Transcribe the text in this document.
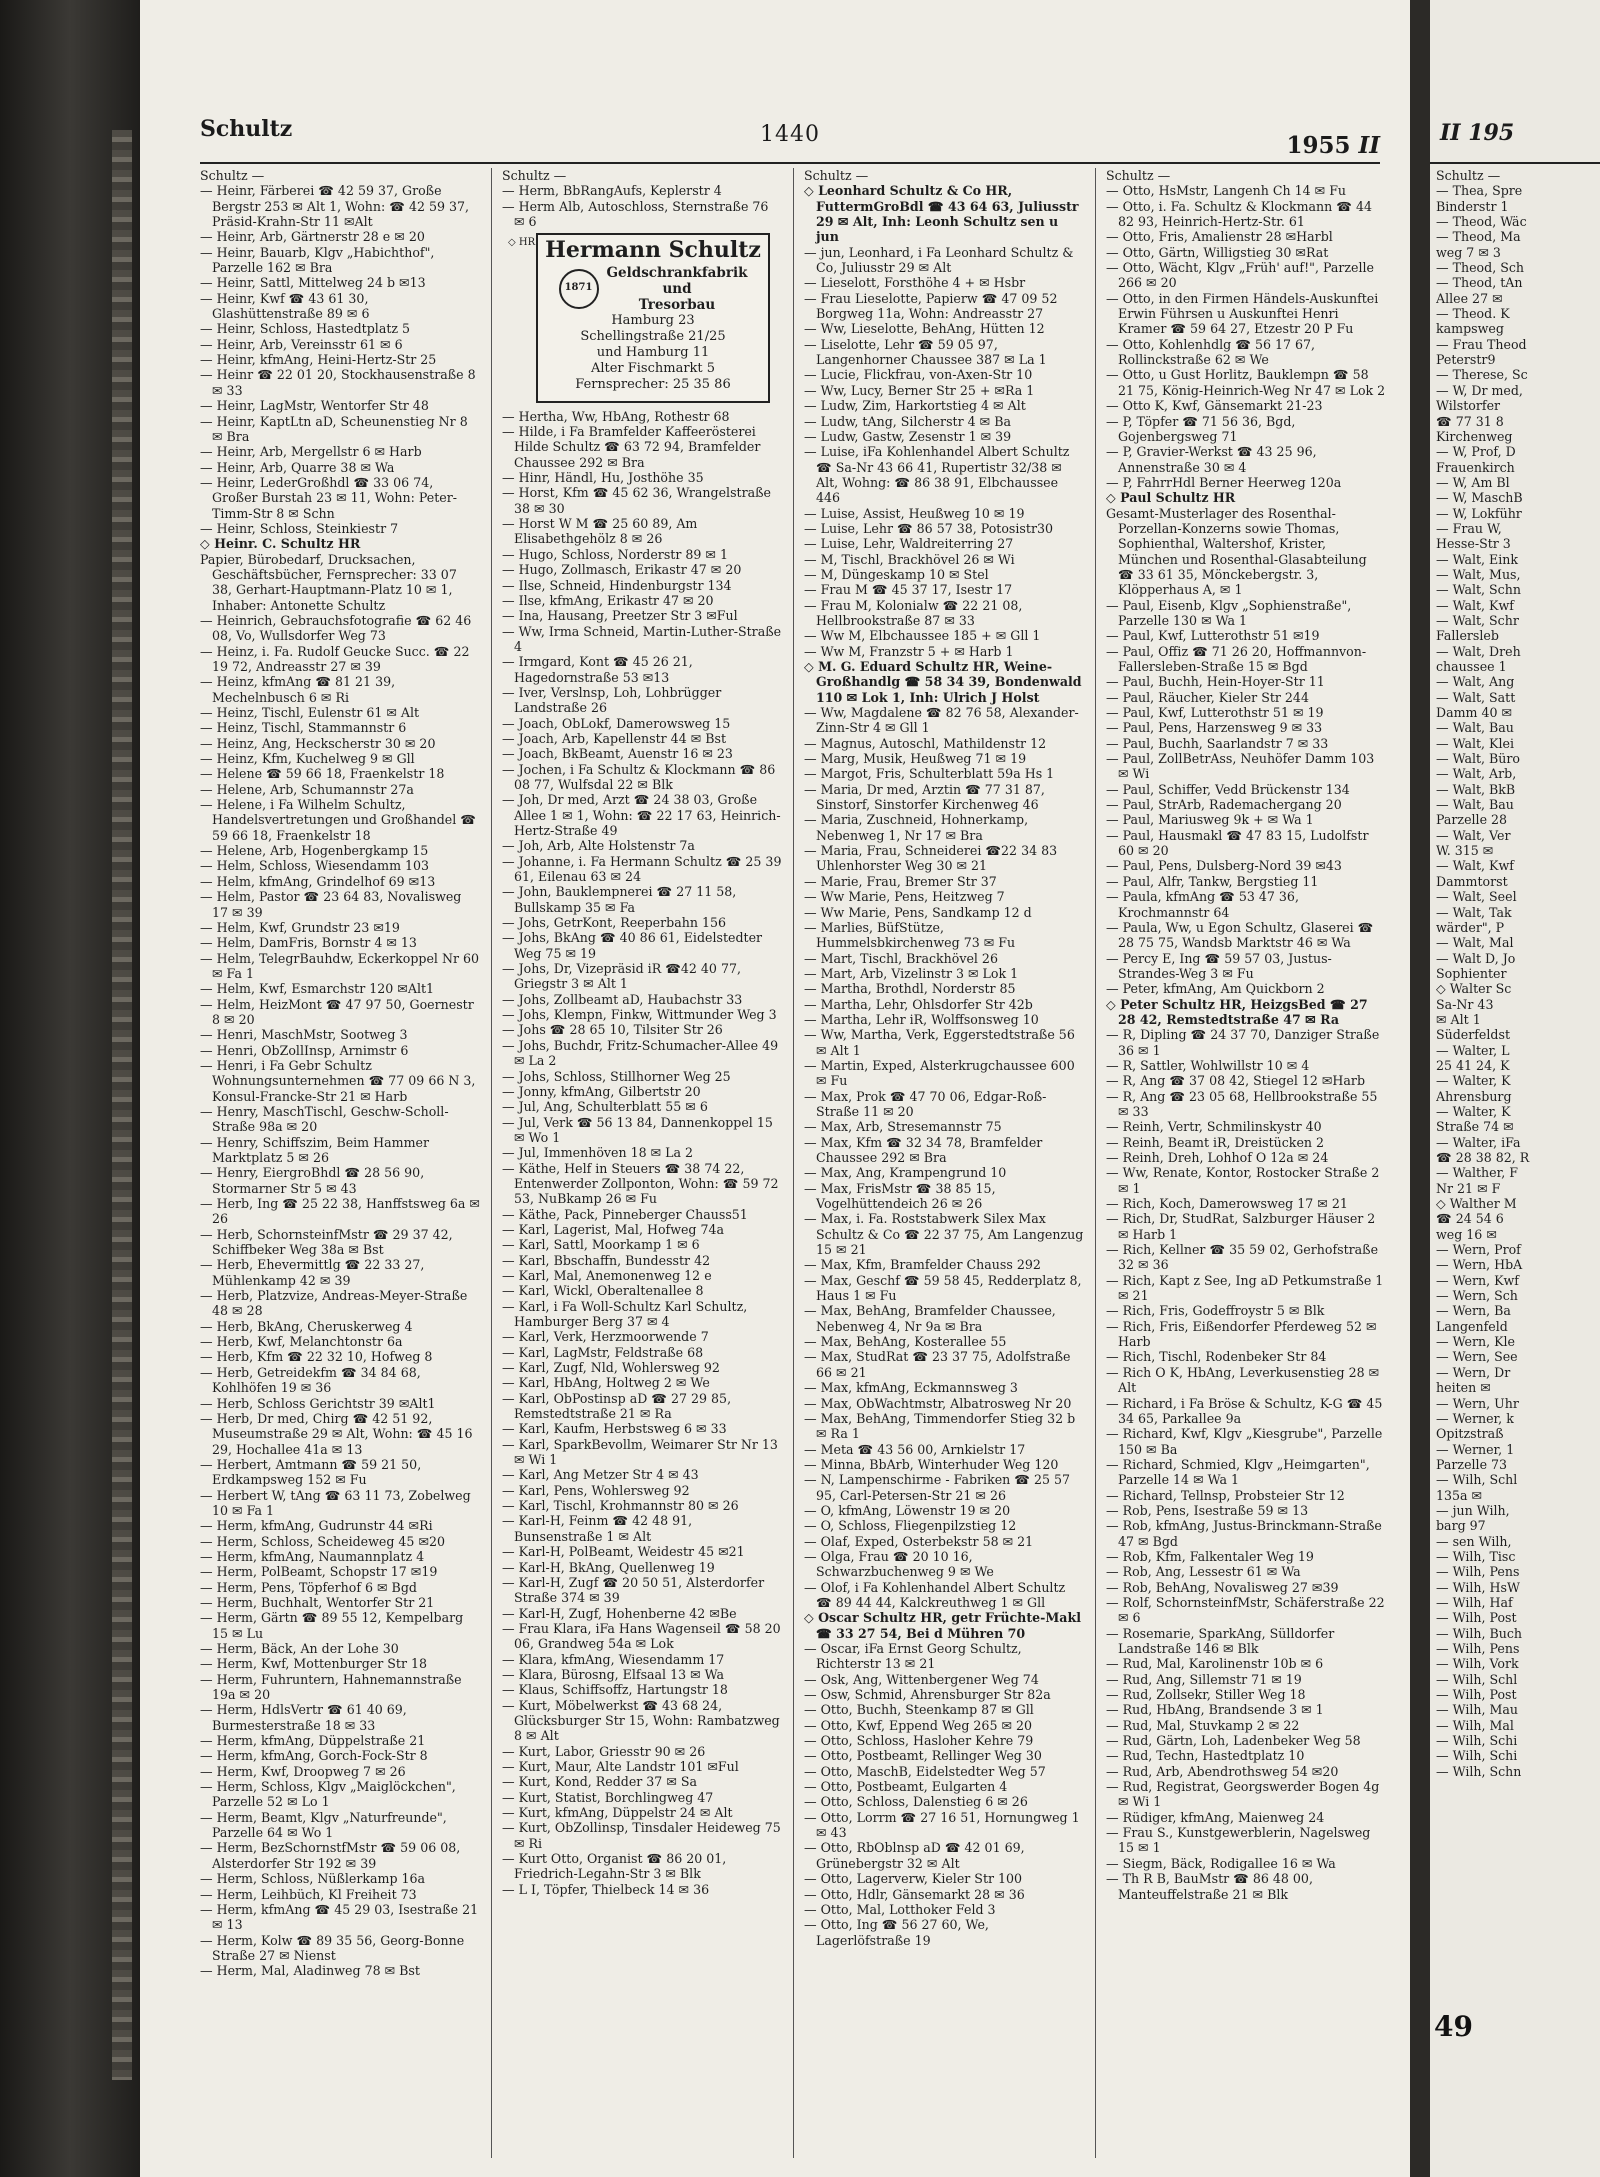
Schultz	1440	1955 II
Schultz —
— Heinr, Färberei ☎ 42 59 37, Große Bergstr 253 ✉ Alt 1, Wohn: ☎ 42 59 37, Präsid-Krahn-Str 11 ✉Alt
— Heinr, Arb, Gärtnerstr 28 e ✉ 20
— Heinr, Bauarb, Klgv „Habichthof", Parzelle 162 ✉ Bra
— Heinr, Sattl, Mittelweg 24 b ✉13
— Heinr, Kwf ☎ 43 61 30, Glashüttenstraße 89 ✉ 6
— Heinr, Schloss, Hastedtplatz 5
— Heinr, Arb, Vereinsstr 61 ✉ 6
— Heinr, kfmAng, Heini-Hertz-Str 25
— Heinr ☎ 22 01 20, Stockhausenstraße 8 ✉ 33
— Heinr, LagMstr, Wentorfer Str 48
— Heinr, KaptLtn aD, Scheunenstieg Nr 8 ✉ Bra
— Heinr, Arb, Mergellstr 6 ✉ Harb
— Heinr, Arb, Quarre 38 ✉ Wa
— Heinr, LederGroßhdl ☎ 33 06 74, Großer Burstah 23 ✉ 11, Wohn: Peter-Timm-Str 8 ✉ Schn
— Heinr, Schloss, Steinkiestr 7
◇ Heinr. C. Schultz HR
Papier, Bürobedarf, Drucksachen, Geschäftsbücher, Fernsprecher: 33 07 38, Gerhart-Hauptmann-Platz 10 ✉ 1, Inhaber: Antonette Schultz
— Heinrich, Gebrauchsfotografie ☎ 62 46 08, Vo, Wullsdorfer Weg 73
— Heinz, i. Fa. Rudolf Geucke Succ. ☎ 22 19 72, Andreasstr 27 ✉ 39
— Heinz, kfmAng ☎ 81 21 39, Mechelnbusch 6 ✉ Ri
— Heinz, Tischl, Eulenstr 61 ✉ Alt
— Heinz, Tischl, Stammannstr 6
— Heinz, Ang, Heckscherstr 30 ✉ 20
— Heinz, Kfm, Kuchelweg 9 ✉ Gll
— Helene ☎ 59 66 18, Fraenkelstr 18
— Helene, Arb, Schumannstr 27a
— Helene, i Fa Wilhelm Schultz, Handelsvertretungen und Großhandel ☎ 59 66 18, Fraenkelstr 18
— Helene, Arb, Hogenbergkamp 15
— Helm, Schloss, Wiesendamm 103
— Helm, kfmAng, Grindelhof 69 ✉13
— Helm, Pastor ☎ 23 64 83, Novalisweg 17 ✉ 39
— Helm, Kwf, Grundstr 23 ✉19
— Helm, DamFris, Bornstr 4 ✉ 13
— Helm, TelegrBauhdw, Eckerkoppel Nr 60 ✉ Fa 1
— Helm, Kwf, Esmarchstr 120 ✉Alt1
— Helm, HeizMont ☎ 47 97 50, Goernestr 8 ✉ 20
— Henri, MaschMstr, Sootweg 3
— Henri, ObZollInsp, Arnimstr 6
— Henri, i Fa Gebr Schultz Wohnungsunternehmen ☎ 77 09 66 N 3, Konsul-Francke-Str 21 ✉ Harb
— Henry, MaschTischl, Geschw-Scholl-Straße 98a ✉ 20
— Henry, Schiffszim, Beim Hammer Marktplatz 5 ✉ 26
— Henry, EiergroBhdl ☎ 28 56 90, Stormarner Str 5 ✉ 43
— Herb, Ing ☎ 25 22 38, Hanffstsweg 6a ✉ 26
— Herb, SchornsteinfMstr ☎ 29 37 42, Schiffbeker Weg 38a ✉ Bst
— Herb, Ehevermittlg ☎ 22 33 27, Mühlenkamp 42 ✉ 39
— Herb, Platzvize, Andreas-Meyer-Straße 48 ✉ 28
— Herb, BkAng, Cheruskerweg 4
— Herb, Kwf, Melanchtonstr 6a
— Herb, Kfm ☎ 22 32 10, Hofweg 8
— Herb, Getreidekfm ☎ 34 84 68, Kohlhöfen 19 ✉ 36
— Herb, Schloss Gerichtstr 39 ✉Alt1
— Herb, Dr med, Chirg ☎ 42 51 92, Museumstraße 29 ✉ Alt, Wohn: ☎ 45 16 29, Hochallee 41a ✉ 13
— Herbert, Amtmann ☎ 59 21 50, Erdkampsweg 152 ✉ Fu
— Herbert W, tAng ☎ 63 11 73, Zobelweg 10 ✉ Fa 1
— Herm, kfmAng, Gudrunstr 44 ✉Ri
— Herm, Schloss, Scheideweg 45 ✉20
— Herm, kfmAng, Naumannplatz 4
— Herm, PolBeamt, Schopstr 17 ✉19
— Herm, Pens, Töpferhof 6 ✉ Bgd
— Herm, Buchhalt, Wentorfer Str 21
— Herm, Gärtn ☎ 89 55 12, Kempelbarg 15 ✉ Lu
— Herm, Bäck, An der Lohe 30
— Herm, Kwf, Mottenburger Str 18
— Herm, Fuhruntern, Hahnemannstraße 19a ✉ 20
— Herm, HdlsVertr ☎ 61 40 69, Burmesterstraße 18 ✉ 33
— Herm, kfmAng, Düppelstraße 21
— Herm, kfmAng, Gorch-Fock-Str 8
— Herm, Kwf, Droopweg 7 ✉ 26
— Herm, Schloss, Klgv „Maiglöckchen", Parzelle 52 ✉ Lo 1
— Herm, Beamt, Klgv „Naturfreunde", Parzelle 64 ✉ Wo 1
— Herm, BezSchornstfMstr ☎ 59 06 08, Alsterdorfer Str 192 ✉ 39
— Herm, Schloss, Nüßlerkamp 16a
— Herm, Leihbüch, Kl Freiheit 73
— Herm, kfmAng ☎ 45 29 03, Isestraße 21 ✉ 13
— Herm, Kolw ☎ 89 35 56, Georg-Bonne Straße 27 ✉ Nienst
— Herm, Mal, Aladinweg 78 ✉ Bst
Schultz —
— Herm, BbRangAufs, Keplerstr 4
— Herm Alb, Autoschloss, Sternstraße 76 ✉ 6
◇ HR Hermann Schultz
1871
Geldschrankfabrik
und
Tresorbau
Hamburg 23
Schellingstraße 21/25
und Hamburg 11
Alter Fischmarkt 5
Fernsprecher: 25 35 86
— Hertha, Ww, HbAng, Rothestr 68
— Hilde, i Fa Bramfelder Kaffeerösterei Hilde Schultz ☎ 63 72 94, Bramfelder Chaussee 292 ✉ Bra
— Hinr, Händl, Hu, Josthöhe 35
— Horst, Kfm ☎ 45 62 36, Wrangelstraße 38 ✉ 30
— Horst W M ☎ 25 60 89, Am Elisabethgehölz 8 ✉ 26
— Hugo, Schloss, Norderstr 89 ✉ 1
— Hugo, Zollmasch, Erikastr 47 ✉ 20
— Ilse, Schneid, Hindenburgstr 134
— Ilse, kfmAng, Erikastr 47 ✉ 20
— Ina, Hausang, Preetzer Str 3 ✉Ful
— Ww, Irma Schneid, Martin-Luther-Straße 4
— Irmgard, Kont ☎ 45 26 21, Hagedornstraße 53 ✉13
— Iver, Verslnsp, Loh, Lohbrügger Landstraße 26
— Joach, ObLokf, Damerowsweg 15
— Joach, Arb, Kapellenstr 44 ✉ Bst
— Joach, BkBeamt, Auenstr 16 ✉ 23
— Jochen, i Fa Schultz & Klockmann ☎ 86 08 77, Wulfsdal 22 ✉ Blk
— Joh, Dr med, Arzt ☎ 24 38 03, Große Allee 1 ✉ 1, Wohn: ☎ 22 17 63, Heinrich-Hertz-Straße 49
— Joh, Arb, Alte Holstenstr 7a
— Johanne, i. Fa Hermann Schultz ☎ 25 39 61, Eilenau 63 ✉ 24
— John, Bauklempnerei ☎ 27 11 58, Bullskamp 35 ✉ Fa
— Johs, GetrKont, Reeperbahn 156
— Johs, BkAng ☎ 40 86 61, Eidelstedter Weg 75 ✉ 19
— Johs, Dr, Vizepräsid iR ☎42 40 77, Griegstr 3 ✉ Alt 1
— Johs, Zollbeamt aD, Haubachstr 33
— Johs, Klempn, Finkw, Wittmunder Weg 3
— Johs ☎ 28 65 10, Tilsiter Str 26
— Johs, Buchdr, Fritz-Schumacher-Allee 49 ✉ La 2
— Johs, Schloss, Stillhorner Weg 25
— Jonny, kfmAng, Gilbertstr 20
— Jul, Ang, Schulterblatt 55 ✉ 6
— Jul, Verk ☎ 56 13 84, Dannenkoppel 15 ✉ Wo 1
— Jul, Immenhöven 18 ✉ La 2
— Käthe, Helf in Steuers ☎ 38 74 22, Entenwerder Zollponton, Wohn: ☎ 59 72 53, NuBkamp 26 ✉ Fu
— Käthe, Pack, Pinneberger Chauss51
— Karl, Lagerist, Mal, Hofweg 74a
— Karl, Sattl, Moorkamp 1 ✉ 6
— Karl, Bbschaffn, Bundesstr 42
— Karl, Mal, Anemonenweg 12 e
— Karl, Wickl, Oberaltenallee 8
— Karl, i Fa Woll-Schultz Karl Schultz, Hamburger Berg 37 ✉ 4
— Karl, Verk, Herzmoorwende 7
— Karl, LagMstr, Feldstraße 68
— Karl, Zugf, Nld, Wohlersweg 92
— Karl, HbAng, Holtweg 2 ✉ We
— Karl, ObPostinsp aD ☎ 27 29 85, Remstedtstraße 21 ✉ Ra
— Karl, Kaufm, Herbstsweg 6 ✉ 33
— Karl, SparkBevollm, Weimarer Str Nr 13 ✉ Wi 1
— Karl, Ang Metzer Str 4 ✉ 43
— Karl, Pens, Wohlersweg 92
— Karl, Tischl, Krohmannstr 80 ✉ 26
— Karl-H, Feinm ☎ 42 48 91, Bunsenstraße 1 ✉ Alt
— Karl-H, PolBeamt, Weidestr 45 ✉21
— Karl-H, BkAng, Quellenweg 19
— Karl-H, Zugf ☎ 20 50 51, Alsterdorfer Straße 374 ✉ 39
— Karl-H, Zugf, Hohenberne 42 ✉Be
— Frau Klara, iFa Hans Wagenseil ☎ 58 20 06, Grandweg 54a ✉ Lok
— Klara, kfmAng, Wiesendamm 17
— Klara, Bürosng, Elfsaal 13 ✉ Wa
— Klaus, Schiffsoffz, Hartungstr 18
— Kurt, Möbelwerkst ☎ 43 68 24, Glücksburger Str 15, Wohn: Rambatzweg 8 ✉ Alt
— Kurt, Labor, Griesstr 90 ✉ 26
— Kurt, Maur, Alte Landstr 101 ✉Ful
— Kurt, Kond, Redder 37 ✉ Sa
— Kurt, Statist, Borchlingweg 47
— Kurt, kfmAng, Düppelstr 24 ✉ Alt
— Kurt, ObZollinsp, Tinsdaler Heideweg 75 ✉ Ri
— Kurt Otto, Organist ☎ 86 20 01, Friedrich-Legahn-Str 3 ✉ Blk
— L I, Töpfer, Thielbeck 14 ✉ 36
Schultz —
◇ Leonhard Schultz & Co HR, FuttermGroBdl ☎ 43 64 63, Juliusstr 29 ✉ Alt, Inh: Leonh Schultz sen u jun
— jun, Leonhard, i Fa Leonhard Schultz & Co, Juliusstr 29 ✉ Alt
— Lieselott, Forsthöhe 4 + ✉ Hsbr
— Frau Lieselotte, Papierw ☎ 47 09 52 Borgweg 11a, Wohn: Andreasstr 27
— Ww, Lieselotte, BehAng, Hütten 12
— Liselotte, Lehr ☎ 59 05 97, Langenhorner Chaussee 387 ✉ La 1
— Lucie, Flickfrau, von-Axen-Str 10
— Ww, Lucy, Berner Str 25 + ✉Ra 1
— Ludw, Zim, Harkortstieg 4 ✉ Alt
— Ludw, tAng, Silcherstr 4 ✉ Ba
— Ludw, Gastw, Zesenstr 1 ✉ 39
— Luise, iFa Kohlenhandel Albert Schultz ☎ Sa-Nr 43 66 41, Rupertistr 32/38 ✉ Alt, Wohng: ☎ 86 38 91, Elbchaussee 446
— Luise, Assist, Heußweg 10 ✉ 19
— Luise, Lehr ☎ 86 57 38, Potosistr30
— Luise, Lehr, Waldreiterring 27
— M, Tischl, Brackhövel 26 ✉ Wi
— M, Düngeskamp 10 ✉ Stel
— Frau M ☎ 45 37 17, Isestr 17
— Frau M, Kolonialw ☎ 22 21 08, Hellbrookstraße 87 ✉ 33
— Ww M, Elbchaussee 185 + ✉ Gll 1
— Ww M, Franzstr 5 + ✉ Harb 1
◇ M. G. Eduard Schultz HR, Weine-Großhandlg ☎ 58 34 39, Bondenwald 110 ✉ Lok 1, Inh: Ulrich J Holst
— Ww, Magdalene ☎ 82 76 58, Alexander-Zinn-Str 4 ✉ Gll 1
— Magnus, Autoschl, Mathildenstr 12
— Marg, Musik, Heußweg 71 ✉ 19
— Margot, Fris, Schulterblatt 59a Hs 1
— Maria, Dr med, Arztin ☎ 77 31 87, Sinstorf, Sinstorfer Kirchenweg 46
— Maria, Zuschneid, Hohnerkamp, Nebenweg 1, Nr 17 ✉ Bra
— Maria, Frau, Schneiderei ☎22 34 83 Uhlenhorster Weg 30 ✉ 21
— Marie, Frau, Bremer Str 37
— Ww Marie, Pens, Heitzweg 7
— Ww Marie, Pens, Sandkamp 12 d
— Marlies, BüfStütze, Hummelsbkirchenweg 73 ✉ Fu
— Mart, Tischl, Brackhövel 26
— Mart, Arb, Vizelinstr 3 ✉ Lok 1
— Martha, Brothdl, Norderstr 85
— Martha, Lehr, Ohlsdorfer Str 42b
— Martha, Lehr iR, Wolffsonsweg 10
— Ww, Martha, Verk, Eggerstedtstraße 56 ✉ Alt 1
— Martin, Exped, Alsterkrugchaussee 600 ✉ Fu
— Max, Prok ☎ 47 70 06, Edgar-Roß-Straße 11 ✉ 20
— Max, Arb, Stresemannstr 75
— Max, Kfm ☎ 32 34 78, Bramfelder Chaussee 292 ✉ Bra
— Max, Ang, Krampengrund 10
— Max, FrisMstr ☎ 38 85 15, Vogelhüttendeich 26 ✉ 26
— Max, i. Fa. Roststabwerk Silex Max Schultz & Co ☎ 22 37 75, Am Langenzug 15 ✉ 21
— Max, Kfm, Bramfelder Chauss 292
— Max, Geschf ☎ 59 58 45, Redderplatz 8, Haus 1 ✉ Fu
— Max, BehAng, Bramfelder Chaussee, Nebenweg 4, Nr 9a ✉ Bra
— Max, BehAng, Kosterallee 55
— Max, StudRat ☎ 23 37 75, Adolfstraße 66 ✉ 21
— Max, kfmAng, Eckmannsweg 3
— Max, ObWachtmstr, Albatrosweg Nr 20
— Max, BehAng, Timmendorfer Stieg 32 b ✉ Ra 1
— Meta ☎ 43 56 00, Arnkielstr 17
— Minna, BbArb, Winterhuder Weg 120
— N, Lampenschirme - Fabriken ☎ 25 57 95, Carl-Petersen-Str 21 ✉ 26
— O, kfmAng, Löwenstr 19 ✉ 20
— O, Schloss, Fliegenpilzstieg 12
— Olaf, Exped, Osterbekstr 58 ✉ 21
— Olga, Frau ☎ 20 10 16, Schwarzbuchenweg 9 ✉ We
— Olof, i Fa Kohlenhandel Albert Schultz ☎ 89 44 44, Kalckreuthweg 1 ✉ Gll
◇ Oscar Schultz HR, getr Früchte-Makl ☎ 33 27 54, Bei d Mühren 70
— Oscar, iFa Ernst Georg Schultz, Richterstr 13 ✉ 21
— Osk, Ang, Wittenbergener Weg 74
— Osw, Schmid, Ahrensburger Str 82a
— Otto, Buchh, Steenkamp 87 ✉ Gll
— Otto, Kwf, Eppend Weg 265 ✉ 20
— Otto, Schloss, Hasloher Kehre 79
— Otto, Postbeamt, Rellinger Weg 30
— Otto, MaschB, Eidelstedter Weg 57
— Otto, Postbeamt, Eulgarten 4
— Otto, Schloss, Dalenstieg 6 ✉ 26
— Otto, Lorrm ☎ 27 16 51, Hornungweg 1 ✉ 43
— Otto, RbOblnsp aD ☎ 42 01 69, Grünebergstr 32 ✉ Alt
— Otto, Lagerverw, Kieler Str 100
— Otto, Hdlr, Gänsemarkt 28 ✉ 36
— Otto, Mal, Lotthoker Feld 3
— Otto, Ing ☎ 56 27 60, We, Lagerlöfstraße 19
Schultz —
— Otto, HsMstr, Langenh Ch 14 ✉ Fu
— Otto, i. Fa. Schultz & Klockmann ☎ 44 82 93, Heinrich-Hertz-Str. 61
— Otto, Fris, Amalienstr 28 ✉Harbl
— Otto, Gärtn, Willigstieg 30 ✉Rat
— Otto, Wächt, Klgv „Früh' auf!", Parzelle 266 ✉ 20
— Otto, in den Firmen Händels-Auskunftei Erwin Führsen u Auskunftei Henri Kramer ☎ 59 64 27, Etzestr 20 P Fu
— Otto, Kohlenhdlg ☎ 56 17 67, Rollinckstraße 62 ✉ We
— Otto, u Gust Horlitz, Bauklempn ☎ 58 21 75, König-Heinrich-Weg Nr 47 ✉ Lok 2
— Otto K, Kwf, Gänsemarkt 21-23
— P, Töpfer ☎ 71 56 36, Bgd, Gojenbergsweg 71
— P, Gravier-Werkst ☎ 43 25 96, Annenstraße 30 ✉ 4
— P, FahrrHdl Berner Heerweg 120a
◇ Paul Schultz HR
Gesamt-Musterlager des Rosenthal-Porzellan-Konzerns sowie Thomas, Sophienthal, Waltershof, Krister, München und Rosenthal-Glasabteilung ☎ 33 61 35, Mönckebergstr. 3, Klöpperhaus A, ✉ 1
— Paul, Eisenb, Klgv „Sophienstraße", Parzelle 130 ✉ Wa 1
— Paul, Kwf, Lutterothstr 51 ✉19
— Paul, Offiz ☎ 71 26 20, Hoffmannvon-Fallersleben-Straße 15 ✉ Bgd
— Paul, Buchh, Hein-Hoyer-Str 11
— Paul, Räucher, Kieler Str 244
— Paul, Kwf, Lutterothstr 51 ✉ 19
— Paul, Pens, Harzensweg 9 ✉ 33
— Paul, Buchh, Saarlandstr 7 ✉ 33
— Paul, ZollBetrAss, Neuhöfer Damm 103 ✉ Wi
— Paul, Schiffer, Vedd Brückenstr 134
— Paul, StrArb, Rademachergang 20
— Paul, Mariusweg 9k + ✉ Wa 1
— Paul, Hausmakl ☎ 47 83 15, Ludolfstr 60 ✉ 20
— Paul, Pens, Dulsberg-Nord 39 ✉43
— Paul, Alfr, Tankw, Bergstieg 11
— Paula, kfmAng ☎ 53 47 36, Krochmannstr 64
— Paula, Ww, u Egon Schultz, Glaserei ☎ 28 75 75, Wandsb Marktstr 46 ✉ Wa
— Percy E, Ing ☎ 59 57 03, Justus-Strandes-Weg 3 ✉ Fu
— Peter, kfmAng, Am Quickborn 2
◇ Peter Schultz HR, HeizgsBed ☎ 27 28 42, Remstedtstraße 47 ✉ Ra
— R, Dipling ☎ 24 37 70, Danziger Straße 36 ✉ 1
— R, Sattler, Wohlwillstr 10 ✉ 4
— R, Ang ☎ 37 08 42, Stiegel 12 ✉Harb
— R, Ang ☎ 23 05 68, Hellbrookstraße 55 ✉ 33
— Reinh, Vertr, Schmilinskystr 40
— Reinh, Beamt iR, Dreistücken 2
— Reinh, Dreh, Lohhof O 12a ✉ 24
— Ww, Renate, Kontor, Rostocker Straße 2 ✉ 1
— Rich, Koch, Damerowsweg 17 ✉ 21
— Rich, Dr, StudRat, Salzburger Häuser 2 ✉ Harb 1
— Rich, Kellner ☎ 35 59 02, Gerhofstraße 32 ✉ 36
— Rich, Kapt z See, Ing aD Petkumstraße 1 ✉ 21
— Rich, Fris, Godeffroystr 5 ✉ Blk
— Rich, Fris, Eißendorfer Pferdeweg 52 ✉ Harb
— Rich, Tischl, Rodenbeker Str 84
— Rich O K, HbAng, Leverkusenstieg 28 ✉ Alt
— Richard, i Fa Bröse & Schultz, K-G ☎ 45 34 65, Parkallee 9a
— Richard, Kwf, Klgv „Kiesgrube", Parzelle 150 ✉ Ba
— Richard, Schmied, Klgv „Heimgarten", Parzelle 14 ✉ Wa 1
— Richard, Tellnsp, Probsteier Str 12
— Rob, Pens, Isestraße 59 ✉ 13
— Rob, kfmAng, Justus-Brinckmann-Straße 47 ✉ Bgd
— Rob, Kfm, Falkentaler Weg 19
— Rob, Ang, Lessestr 61 ✉ Wa
— Rob, BehAng, Novalisweg 27 ✉39
— Rolf, SchornsteinfMstr, Schäferstraße 22 ✉ 6
— Rosemarie, SparkAng, Sülldorfer Landstraße 146 ✉ Blk
— Rud, Mal, Karolinenstr 10b ✉ 6
— Rud, Ang, Sillemstr 71 ✉ 19
— Rud, Zollsekr, Stiller Weg 18
— Rud, HbAng, Brandsende 3 ✉ 1
— Rud, Mal, Stuvkamp 2 ✉ 22
— Rud, Gärtn, Loh, Ladenbeker Weg 58
— Rud, Techn, Hastedtplatz 10
— Rud, Arb, Abendrothsweg 54 ✉20
— Rud, Registrat, Georgswerder Bogen 4g ✉ Wi 1
— Rüdiger, kfmAng, Maienweg 24
— Frau S., Kunstgewerblerin, Nagelsweg 15 ✉ 1
— Siegm, Bäck, Rodigallee 16 ✉ Wa
— Th R B, BauMstr ☎ 86 48 00, Manteuffelstraße 21 ✉ Blk
II 195
Schultz —
— Thea, Spre
Binderstr 1
— Theod, Wäc
— Theod, Ma
weg 7 ✉ 3
— Theod, Sch
— Theod, tAn
Allee 27 ✉
— Theod. K
kampsweg
— Frau Theod
Peterstr9
— Therese, Sc
— W, Dr med,
Wilstorfer
☎ 77 31 8
Kirchenweg
— W, Prof, D
Frauenkirch
— W, Am Bl
— W, MaschB
— W, Lokführ
— Frau W,
Hesse-Str 3
— Walt, Eink
— Walt, Mus,
— Walt, Schn
— Walt, Kwf
— Walt, Schr
Fallersleb
— Walt, Dreh
chaussee 1
— Walt, Ang
— Walt, Satt
Damm 40 ✉
— Walt, Bau
— Walt, Klei
— Walt, Büro
— Walt, Arb,
— Walt, BkB
— Walt, Bau
Parzelle 28
— Walt, Ver
W. 315 ✉
— Walt, Kwf
Dammtorst
— Walt, Seel
— Walt, Tak
wärder", P
— Walt, Mal
— Walt D, Jo
Sophienter
◇ Walter Sc
Sa-Nr 43
✉ Alt 1
Süderfeldst
— Walter, L
25 41 24, K
— Walter, K
Ahrensburg
— Walter, K
Straße 74 ✉
— Walter, iFa
☎ 28 38 82, R
— Walther, F
Nr 21 ✉ F
◇ Walther M
☎ 24 54 6
weg 16 ✉
— Wern, Prof
— Wern, HbA
— Wern, Kwf
— Wern, Sch
— Wern, Ba
Langenfeld
— Wern, Kle
— Wern, See
— Wern, Dr
heiten ✉
— Wern, Uhr
— Werner, k
Opitzstraß
— Werner, 1
Parzelle 73
— Wilh, Schl
135a ✉
— jun Wilh,
barg 97
— sen Wilh,
— Wilh, Tisc
— Wilh, Pens
— Wilh, HsW
— Wilh, Haf
— Wilh, Post
— Wilh, Buch
— Wilh, Pens
— Wilh, Vork
— Wilh, Schl
— Wilh, Post
— Wilh, Mau
— Wilh, Mal
— Wilh, Schi
— Wilh, Schi
— Wilh, Schn
49
